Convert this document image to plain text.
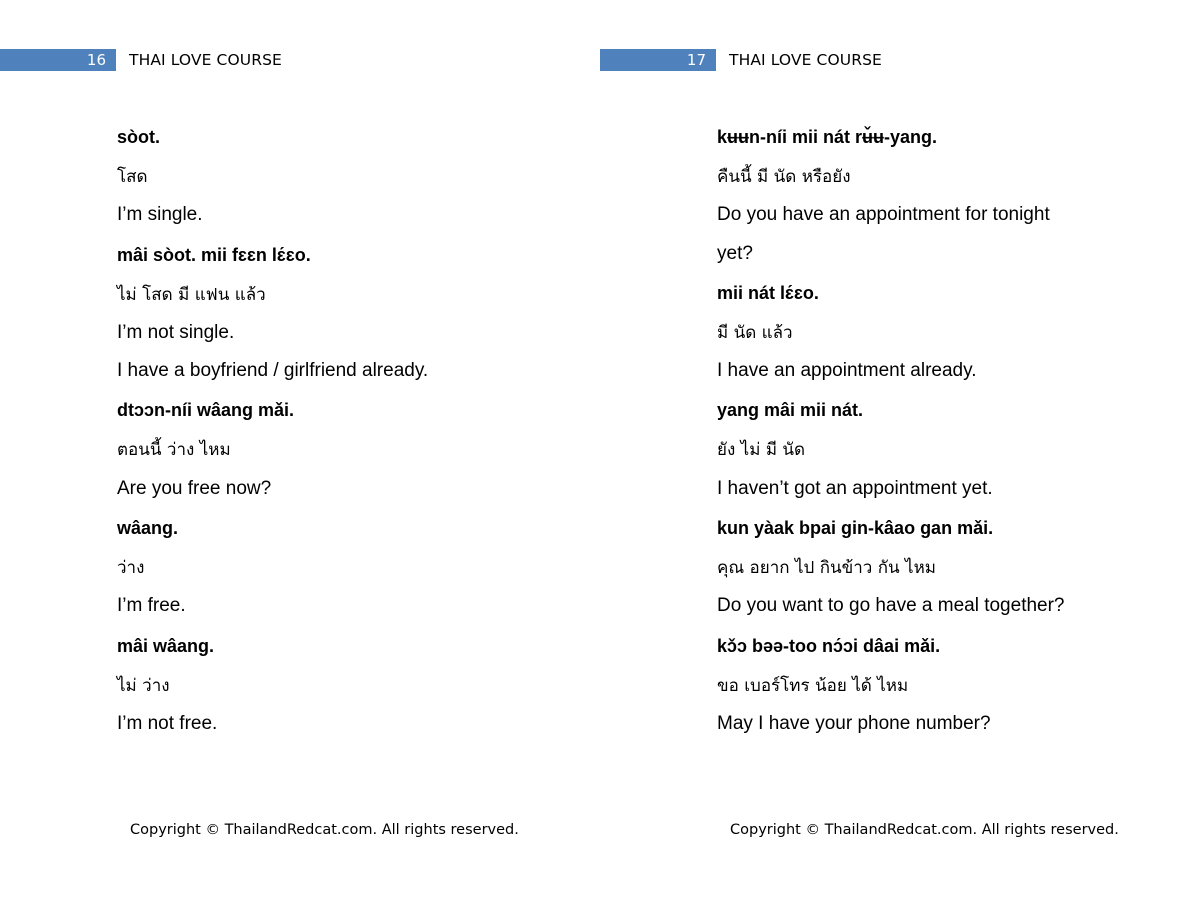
16	THAI LOVE COURSE
sòot.
โสด
I’m single.
mâi sòot. mii fɛɛn lɛ́ɛo.
ไม่ โสด มี แฟน แล้ว
I’m not single.
I have a boyfriend / girlfriend already.
dtɔɔn-níi wâang mǎi.
ตอนนี้ ว่าง ไหม
Are you free now?
wâang.
ว่าง
I’m free.
mâi wâang.
ไม่ ว่าง
I’m not free.
Copyright © ThailandRedcat.com. All rights reserved.
17	THAI LOVE COURSE
kʉʉn-níi mii nát rʉ̌ʉ-yang.
คืนนี้ มี นัด หรือยัง
Do you have an appointment for tonight
yet?
mii nát lɛ́ɛo.
มี นัด แล้ว
I have an appointment already.
yang mâi mii nát.
ยัง ไม่ มี นัด
I haven’t got an appointment yet.
kun yàak bpai gin-kâao gan mǎi.
คุณ อยาก ไป กินข้าว กัน ไหม
Do you want to go have a meal together?
kɔ̌ɔ bəə-too nɔ́ɔi dâai mǎi.
ขอ เบอร์โทร น้อย ได้ ไหม
May I have your phone number?
Copyright © ThailandRedcat.com. All rights reserved.
